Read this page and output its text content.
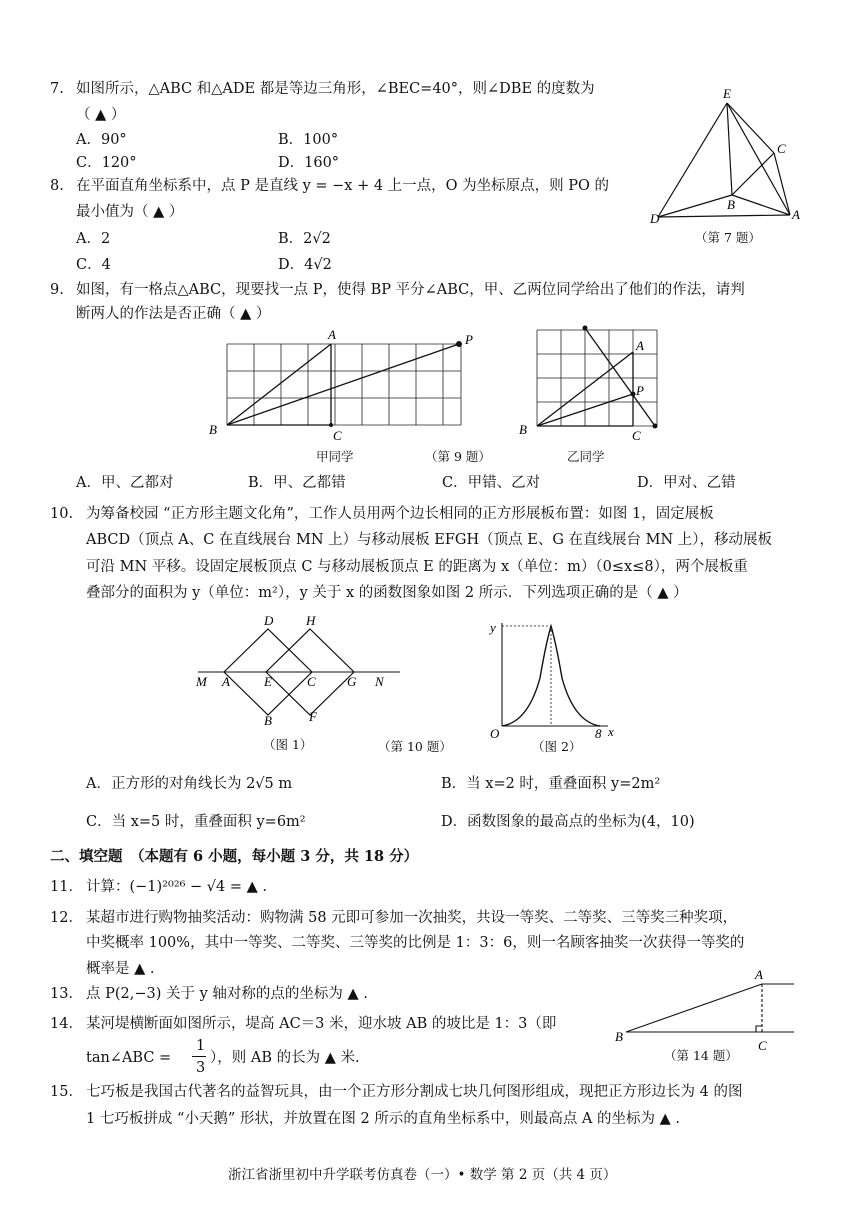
7. 如图所示，△ABC 和△ADE 都是等边三角形，∠BEC=40°，则∠DBE 的度数为
（ ▲ ）
A．90°	B．100°
C．120°	D．160°
E
C
B
D	A
（第 7 题）
8. 在平面直角坐标系中，点 P 是直线 y = −x + 4 上一点，O 为坐标原点，则 PO 的
最小值为（ ▲ ）
A．2	B．2√2
C．4	D．4√2
9. 如图，有一格点△ABC，现要找一点 P，使得 BP 平分∠ABC，甲、乙两位同学给出了他们的作法，请判
断两人的作法是否正确（ ▲ ）
A	P
B	C
甲同学	（第 9 题）
A
P
B	C
乙同学
A．甲、乙都对	B．甲、乙都错	C．甲错、乙对	D．甲对、乙错
10. 为筹备校园 “正方形主题文化角”，工作人员用两个边长相同的正方形展板布置：如图 1，固定展板
ABCD（顶点 A、C 在直线展台 MN 上）与移动展板 EFGH（顶点 E、G 在直线展台 MN 上），移动展板
可沿 MN 平移。设固定展板顶点 C 与移动展板顶点 E 的距离为 x（单位：m）（0≤x≤8），两个展板重
叠部分的面积为 y（单位：m²），y 关于 x 的函数图象如图 2 所示．下列选项正确的是（ ▲ ）
D	H
M A	E	C G N
B	F
（图 1）	（第 10 题）
y
O	8 x
（图 2）
A．正方形的对角线长为 2√5 m	B．当 x=2 时，重叠面积 y=2m²
C．当 x=5 时，重叠面积 y=6m²	D．函数图象的最高点的坐标为(4，10)
二、填空题 （本题有 6 小题，每小题 3 分，共 18 分）
11． 计算：(−1)²⁰²⁶ − √4 = ▲ .
12． 某超市进行购物抽奖活动：购物满 58 元即可参加一次抽奖，共设一等奖、二等奖、三等奖三种奖项，
中奖概率 100%，其中一等奖、二等奖、三等奖的比例是 1：3：6，则一名顾客抽奖一次获得一等奖的
概率是 ▲ .
13． 点 P(2,−3) 关于 y 轴对称的点的坐标为 ▲ .
14． 某河堤横断面如图所示，堤高 AC＝3 米，迎水坡 AB 的坡比是 1：3（即
tan∠ABC =
1
3
），则 AB 的长为 ▲ 米.
A
B
C
（第 14 题）
15． 七巧板是我国古代著名的益智玩具，由一个正方形分割成七块几何图形组成，现把正方形边长为 4 的图
1 七巧板拼成 “小天鹅” 形状，并放置在图 2 所示的直角坐标系中，则最高点 A 的坐标为 ▲ .
浙江省浙里初中升学联考仿真卷（一）• 数学 第 2 页（共 4 页）
